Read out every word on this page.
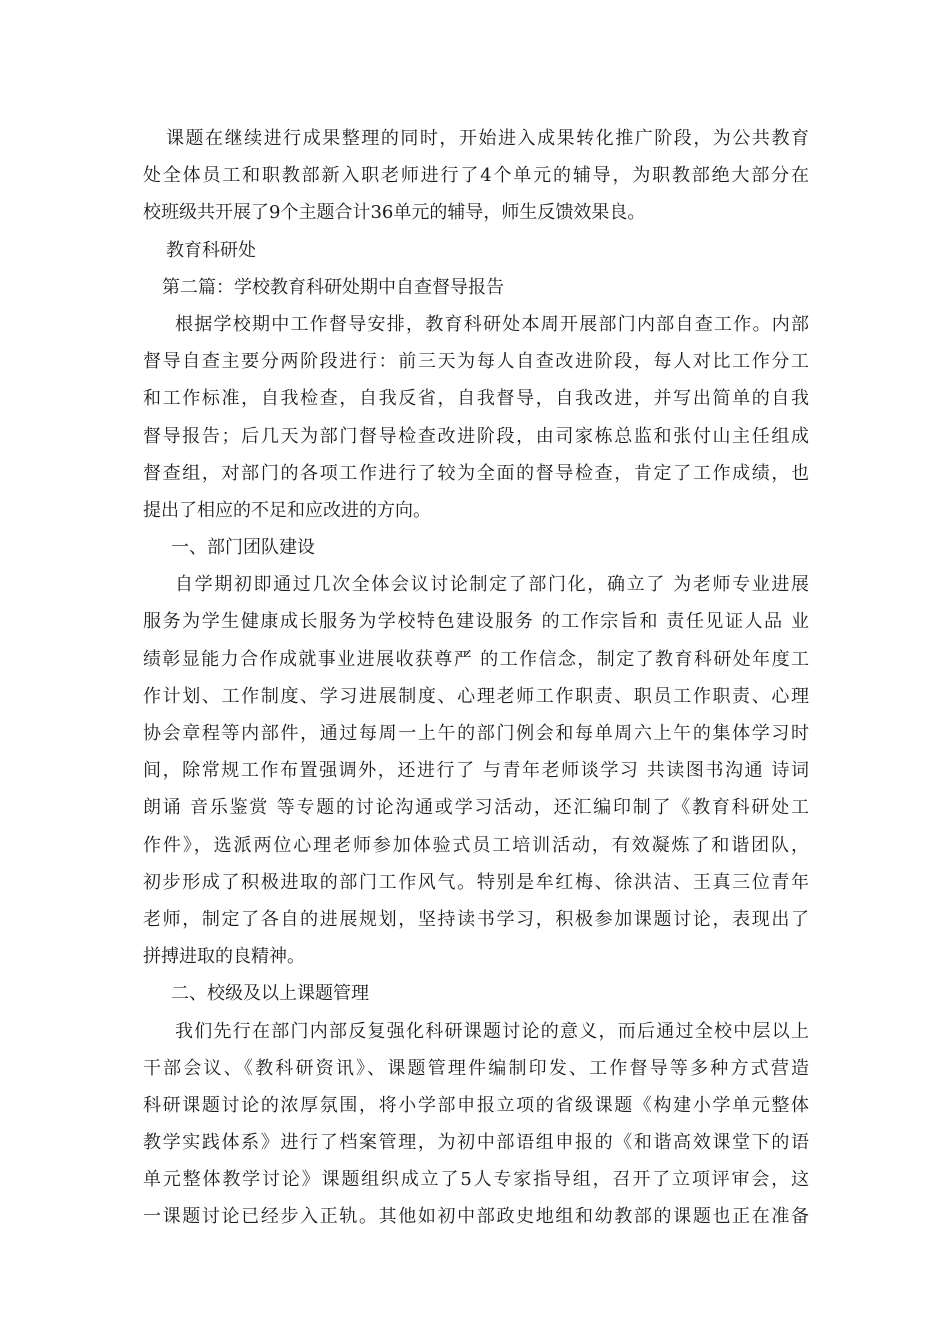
课题在继续进行成果整理的同时，开始进入成果转化推广阶段，为公共教育
处全体员工和职教部新入职老师进行了4个单元的辅导，为职教部绝大部分在
校班级共开展了9个主题合计36单元的辅导，师生反馈效果良。
教育科研处
第二篇：学校教育科研处期中自查督导报告
根据学校期中工作督导安排，教育科研处本周开展部门内部自查工作。内部
督导自查主要分两阶段进行：前三天为每人自查改进阶段，每人对比工作分工
和工作标准，自我检查，自我反省，自我督导，自我改进，并写出简单的自我
督导报告；后几天为部门督导检查改进阶段，由司家栋总监和张付山主任组成
督查组，对部门的各项工作进行了较为全面的督导检查，肯定了工作成绩，也
提出了相应的不足和应改进的方向。
一、部门团队建设
自学期初即通过几次全体会议讨论制定了部门化，确立了 为老师专业进展
服务为学生健康成长服务为学校特色建设服务 的工作宗旨和 责任见证人品 业
绩彰显能力合作成就事业进展收获尊严 的工作信念，制定了教育科研处年度工
作计划、工作制度、学习进展制度、心理老师工作职责、职员工作职责、心理
协会章程等内部件，通过每周一上午的部门例会和每单周六上午的集体学习时
间，除常规工作布置强调外，还进行了 与青年老师谈学习 共读图书沟通 诗词
朗诵 音乐鉴赏 等专题的讨论沟通或学习活动，还汇编印制了《教育科研处工
作件》，选派两位心理老师参加体验式员工培训活动，有效凝炼了和谐团队，
初步形成了积极进取的部门工作风气。特别是牟红梅、徐洪洁、王真三位青年
老师，制定了各自的进展规划，坚持读书学习，积极参加课题讨论，表现出了
拼搏进取的良精神。
二、校级及以上课题管理
我们先行在部门内部反复强化科研课题讨论的意义，而后通过全校中层以上
干部会议、《教科研资讯》、课题管理件编制印发、工作督导等多种方式营造
科研课题讨论的浓厚氛围，将小学部申报立项的省级课题《构建小学单元整体
教学实践体系》进行了档案管理，为初中部语组申报的《和谐高效课堂下的语
单元整体教学讨论》课题组织成立了5人专家指导组，召开了立项评审会，这
一课题讨论已经步入正轨。其他如初中部政史地组和幼教部的课题也正在准备
